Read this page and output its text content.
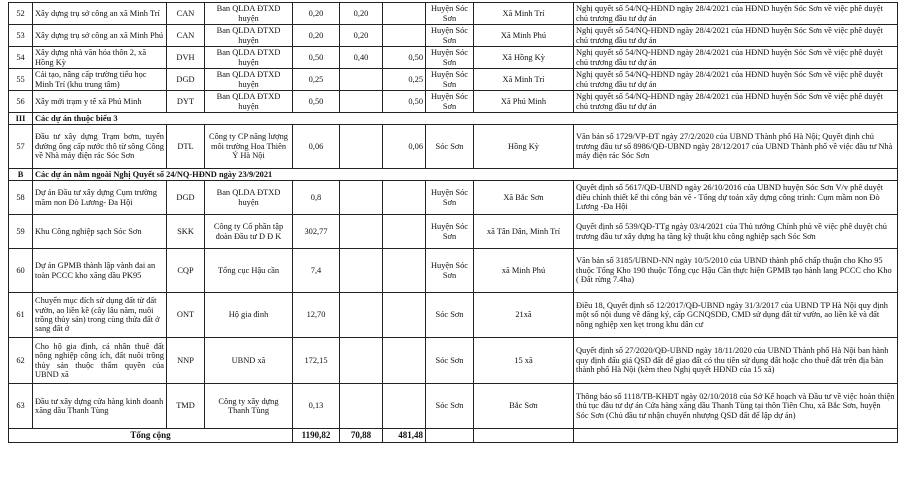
52	Xây dựng trụ sở công an xã Minh Trí	CAN	Ban QLDA ĐTXD huyện	0,20	0,20		Huyện Sóc Sơn	Xã Minh Trí	Nghị quyết số 54/NQ-HĐND ngày 28/4/2021 của HĐND huyện Sóc Sơn về việc phê duyệt chủ trương đầu tư dự án
53	Xây dựng trụ sở công an xã Minh Phú	CAN	Ban QLDA ĐTXD huyện	0,20	0,20		Huyện Sóc Sơn	Xã Minh Phú	Nghị quyết số 54/NQ-HĐND ngày 28/4/2021 của HĐND huyện Sóc Sơn về việc phê duyệt chủ trương đầu tư dự án
54	Xây dựng nhà văn hóa thôn 2, xã Hồng Kỳ	DVH	Ban QLDA ĐTXD huyện	0,50	0,40	0,50	Huyện Sóc Sơn	Xã Hồng Kỳ	Nghị quyết số 54/NQ-HĐND ngày 28/4/2021 của HĐND huyện Sóc Sơn về việc phê duyệt chủ trương đầu tư dự án
55	Cải tạo, nâng cấp trường tiểu học Minh Trí (khu trung tâm)	DGD	Ban QLDA ĐTXD huyện	0,25		0,25	Huyện Sóc Sơn	Xã Minh Trí	Nghị quyết số 54/NQ-HĐND ngày 28/4/2021 của HĐND huyện Sóc Sơn về việc phê duyệt chủ trương đầu tư dự án
56	Xây mới trạm y tế xã Phú Minh	DYT	Ban QLDA ĐTXD huyện	0,50		0,50	Huyện Sóc Sơn	Xã Phú Minh	Nghị quyết số 54/NQ-HĐND ngày 28/4/2021 của HĐND huyện Sóc Sơn về việc phê duyệt chủ trương đầu tư dự án
III	Các dự án thuộc biểu 3								
57	Đầu tư xây dựng Trạm bơm, tuyến đường ống cấp nước thô từ sông Công về Nhà máy điện rác Sóc Sơn	DTL	Công ty CP năng lượng môi trường Hoa Thiên Ý Hà Nội	0,06		0,06	Sóc Sơn	Hồng Kỳ	Văn bản số 1729/VP-ĐT ngày 27/2/2020 của UBND Thành phố Hà Nội; Quyết định chủ trương đầu tư số 8986/QĐ-UBND ngày 28/12/2017 của UBND Thành phố về việc đầu tư Nhà máy điện rác Sóc Sơn
B	Các dự án nằm ngoài Nghị Quyết số 24/NQ-HĐND ngày 23/9/2021								
58	Dự án Đầu tư xây dựng Cụm trường mầm non Đò Lương- Đa Hội	DGD	Ban QLDA ĐTXD huyện	0,8			Huyện Sóc Sơn	Xã Bắc Sơn	Quyết định số 5617/QĐ-UBND ngày 26/10/2016 của UBND huyện Sóc Sơn V/v phê duyệt điều chỉnh thiết kế thi công bản vẽ - Tổng dự toán xây dựng công trình: Cụm mầm non Đò Lương -Đa Hội
59	Khu Công nghiệp sạch Sóc Sơn	SKK	Công ty Cổ phần tập đoàn Đầu tư D Đ K	302,77			Huyện Sóc Sơn	xã Tân Dân, Minh Trí	Quyết định số 539/QĐ-TTg ngày 03/4/2021 của Thủ tướng Chính phủ về việc phê duyệt chủ trương đầu tư xây dựng hạ tầng kỹ thuật khu công nghiệp sạch Sóc Sơn
60	Dự án GPMB thành lập vành đai an toàn PCCC kho xăng dầu PK95	CQP	Tổng cục Hậu cần	7,4			Huyện Sóc Sơn	xã Minh Phú	Văn bản số 3185/UBND-NN ngày 10/5/2010 của UBND thành phố chấp thuận cho Kho 95 thuộc Tổng Kho 190 thuộc Tổng cục Hậu Cần thực hiện GPMB tạo hành lang PCCC cho Kho ( Đất rừng 7.4ha)
61	Chuyển mục đích sử dụng đất từ đất vườn, ao liền kề (cây lâu năm, nuôi trồng thủy sản) trong cùng thửa đất ở sang đất ở	ONT	Hộ gia đình	12,70			Sóc Sơn	21xã	Điều 18, Quyết định số 12/2017/QĐ-UBND ngày 31/3/2017 của UBND TP Hà Nội quy định một số nội dung về đăng ký, cấp GCNQSDĐ, CMD sử dụng đất từ vườn, ao liền kề và đất nông nghiệp xen kẹt trong khu dân cư
62	Cho hộ gia đình, cá nhân thuê đất nông nghiệp công ích, đất nuôi trồng thủy sản thuộc thẩm quyền của UBND xã	NNP	UBND xã	172,15			Sóc Sơn	15 xã	Quyết định số 27/2020/QĐ-UBND ngày 18/11/2020 của UBND Thành phố Hà Nội ban hành quy định đấu giá QSD đất để giao đất có thu tiền sử dụng đất hoặc cho thuê đất trên địa bàn thành phố Hà Nội (kèm theo Nghị quyết HĐND của 15 xã)
63	Đầu tư xây dựng cửa hàng kinh doanh xăng dầu Thanh Tùng	TMD	Công ty xây dựng Thanh Tùng	0,13			Sóc Sơn	Bắc Sơn	Thông báo số 1118/TB-KHĐT ngày 02/10/2018 của Sở Kế hoạch và Đầu tư về việc hoàn thiện thủ tục đầu tư dự án Cửa hàng xăng dầu Thanh Tùng tại thôn Tiên Chu, xã Bắc Sơn, huyện Sóc Sơn (Chủ đầu tư nhận chuyển nhượng QSD đất để lập dự án)
Tổng cộng				1190,82	70,88	481,48			
